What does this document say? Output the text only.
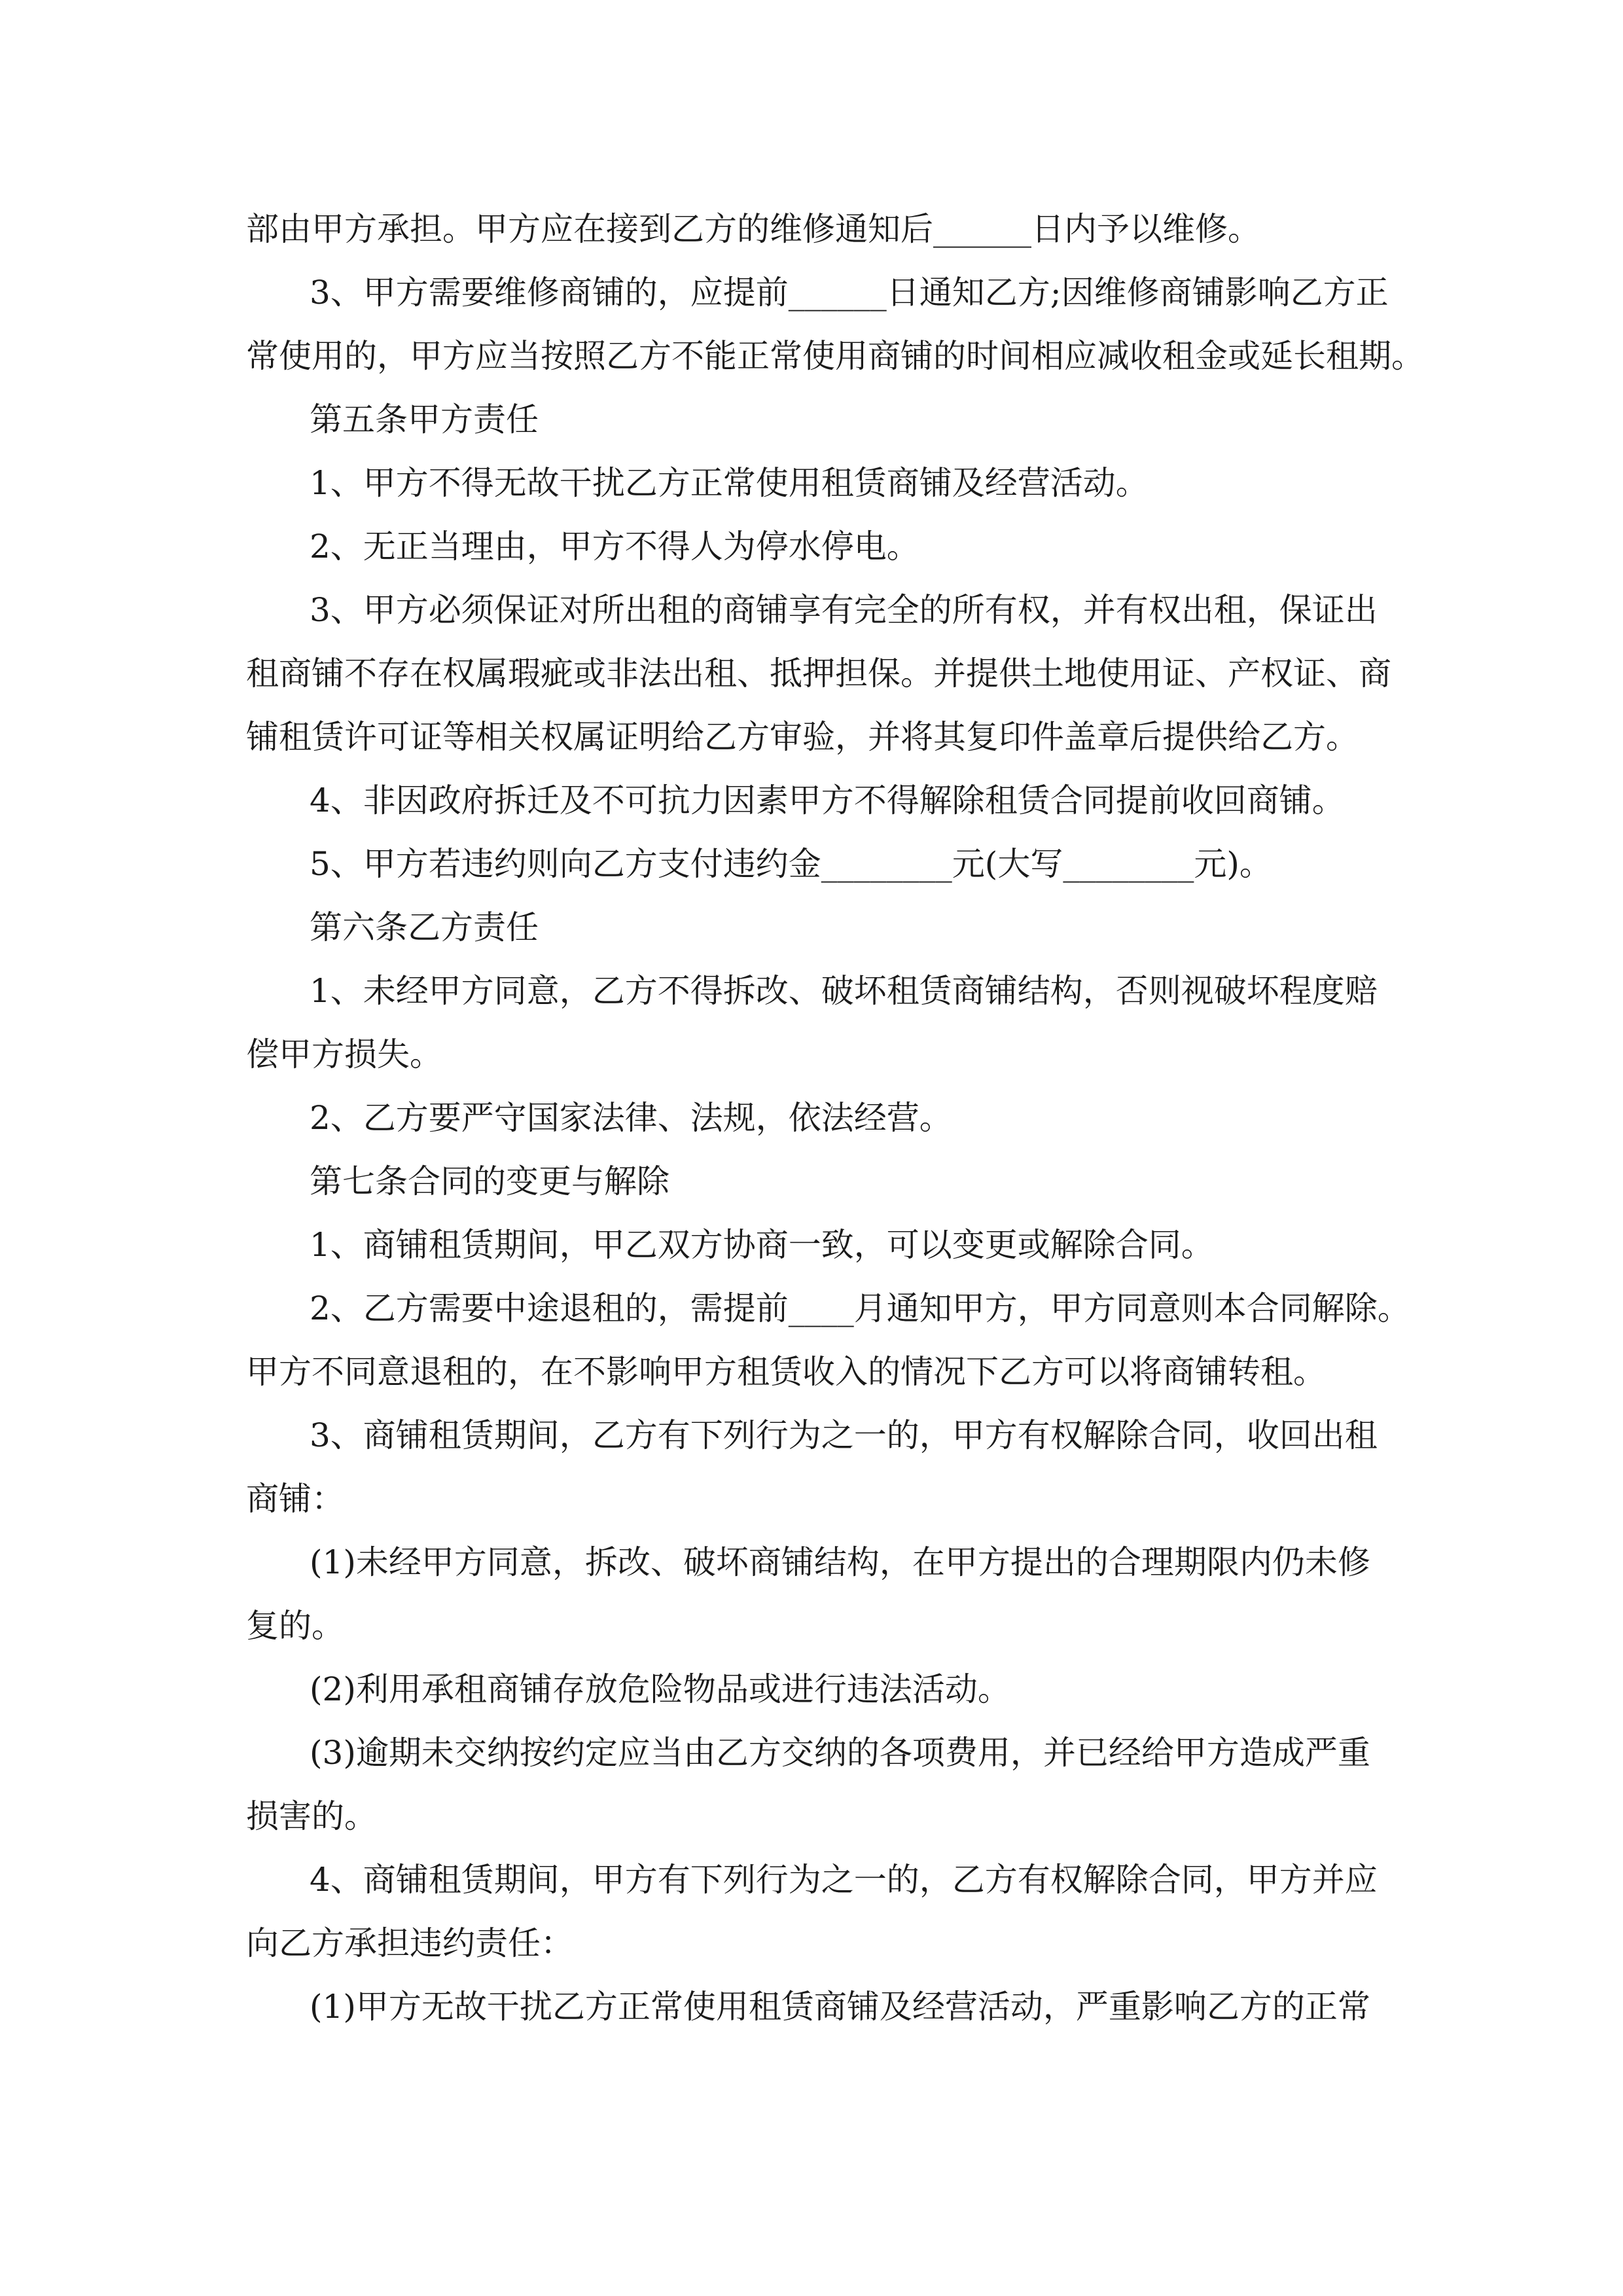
部由甲方承担。甲方应在接到乙方的维修通知后______日内予以维修。
3、甲方需要维修商铺的，应提前______日通知乙方;因维修商铺影响乙方正
常使用的，甲方应当按照乙方不能正常使用商铺的时间相应减收租金或延长租期。
第五条甲方责任
1、甲方不得无故干扰乙方正常使用租赁商铺及经营活动。
2、无正当理由，甲方不得人为停水停电。
3、甲方必须保证对所出租的商铺享有完全的所有权，并有权出租，保证出
租商铺不存在权属瑕疵或非法出租、抵押担保。并提供土地使用证、产权证、商
铺租赁许可证等相关权属证明给乙方审验，并将其复印件盖章后提供给乙方。
4、非因政府拆迁及不可抗力因素甲方不得解除租赁合同提前收回商铺。
5、甲方若违约则向乙方支付违约金________元(大写________元)。
第六条乙方责任
1、未经甲方同意，乙方不得拆改、破坏租赁商铺结构，否则视破坏程度赔
偿甲方损失。
2、乙方要严守国家法律、法规，依法经营。
第七条合同的变更与解除
1、商铺租赁期间，甲乙双方协商一致，可以变更或解除合同。
2、乙方需要中途退租的，需提前____月通知甲方，甲方同意则本合同解除。
甲方不同意退租的，在不影响甲方租赁收入的情况下乙方可以将商铺转租。
3、商铺租赁期间，乙方有下列行为之一的，甲方有权解除合同，收回出租
商铺：
(1)未经甲方同意，拆改、破坏商铺结构，在甲方提出的合理期限内仍未修
复的。
(2)利用承租商铺存放危险物品或进行违法活动。
(3)逾期未交纳按约定应当由乙方交纳的各项费用，并已经给甲方造成严重
损害的。
4、商铺租赁期间，甲方有下列行为之一的，乙方有权解除合同，甲方并应
向乙方承担违约责任：
(1)甲方无故干扰乙方正常使用租赁商铺及经营活动，严重影响乙方的正常
